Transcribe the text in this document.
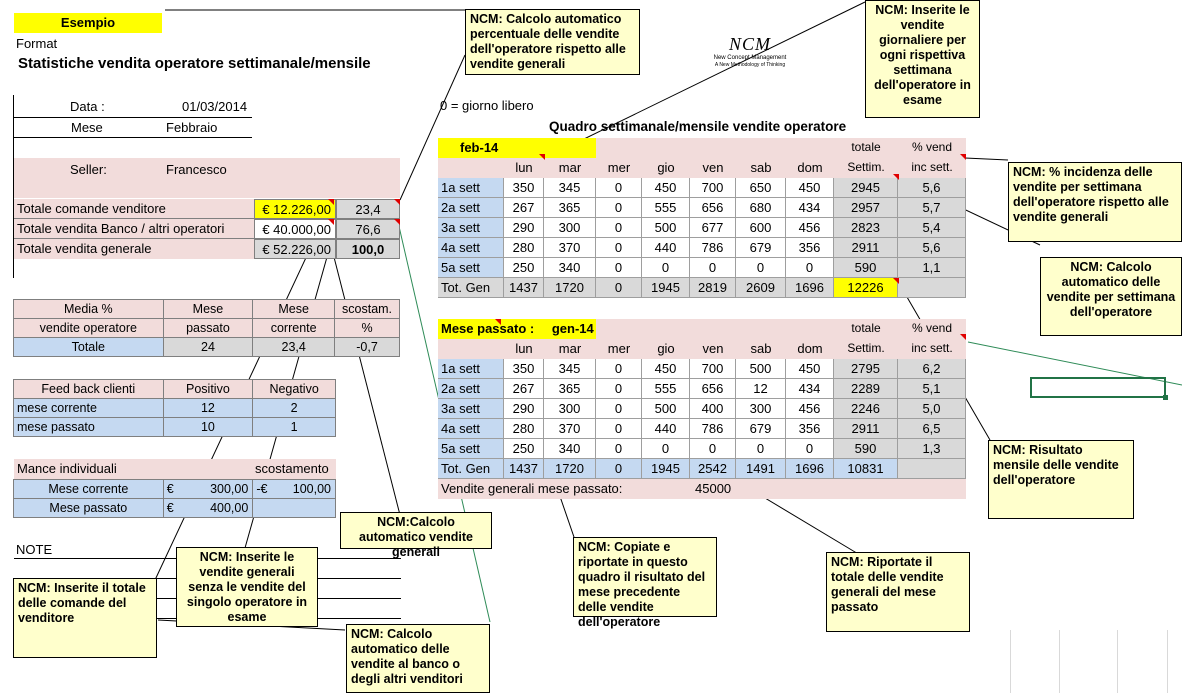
Esempio
Format
Statistiche vendita operatore settimanale/mensile
NCM
New Concept Management
A New Methodology of Thinking
Data :	01/03/2014
Mese	Febbraio
0 = giorno libero
Seller:	Francesco
Totale comande venditore	€ 12.226,00	23,4
Totale vendita Banco / altri operatori	€ 40.000,00	76,6
Totale vendita generale	€ 52.226,00	100,0
Media %	Mese	Mese	scostam.
vendite operatore	passato	corrente	%
Totale	24	23,4	-0,7
Feed back clienti	Positivo	Negativo
mese corrente	12	2
mese passato	10	1
Mance individuali	scostamento
Mese corrente	€ 300,00	-€ 100,00

Mese passato	€ 400,00	

NOTE
Quadro settimanale/mensile vendite operatore
feb-14	totale	% vend
Settim.	inc sett.
lun	mar	mer	gio	ven	sab	dom
1a sett	350	345	0	450	700	650	450	2945	5,6
2a sett	267	365	0	555	656	680	434	2957	5,7
3a sett	290	300	0	500	677	600	456	2823	5,4
4a sett	280	370	0	440	786	679	356	2911	5,6
5a sett	250	340	0	0	0	0	0	590	1,1
Tot. Gen	1437	1720	0	1945	2819	2609	1696	12226
Mese passato : gen-14	totale	% vend
Settim.	inc sett.
Vendite generali mese passato:	45000
lun	mar	mer	gio	ven	sab	dom
1a sett	350	345	0	450	700	500	450	2795	6,2
2a sett	267	365	0	555	656	12	434	2289	5,1
3a sett	290	300	0	500	400	300	456	2246	5,0
4a sett	280	370	0	440	786	679	356	2911	6,5
5a sett	250	340	0	0	0	0	0	590	1,3
Tot. Gen	1437	1720	0	1945	2542	1491	1696	10831
NCM: Calcolo automatico percentuale delle vendite dell'operatore rispetto alle vendite generali
NCM: Inserite le vendite giornaliere per ogni rispettiva settimana dell'operatore in esame
NCM: % incidenza delle vendite per settimana dell'operatore rispetto alle vendite generali
NCM: Calcolo automatico delle vendite per settimana dell'operatore
NCM: Risultato mensile delle vendite dell'operatore
NCM: Riportate il totale delle vendite generali del mese passato
NCM: Copiate e riportate in questo quadro il risultato del mese precedente delle vendite dell'operatore
NCM:Calcolo automatico vendite generali
NCM: Inserite le vendite generali senza le vendite del singolo operatore in esame
NCM: Inserite il totale delle comande del venditore
NCM: Calcolo automatico delle vendite al banco o degli altri venditori
